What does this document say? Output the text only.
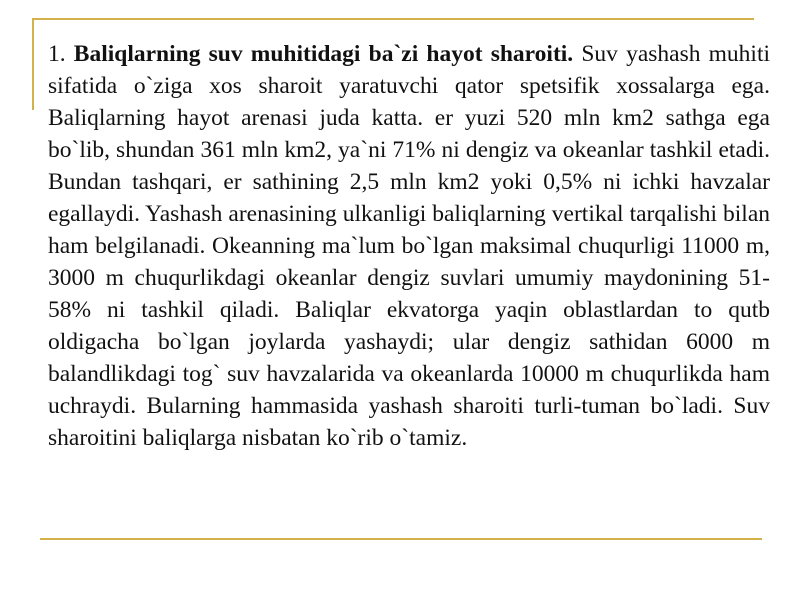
1. Baliqlarning suv muhitidagi ba`zi hayot sharoiti. Suv yashash muhiti sifatida o`ziga xos sharoit yaratuvchi qator spetsifik xossalarga ega. Baliqlarning hayot arenasi juda katta. er yuzi 520 mln km2 sathga ega bo`lib, shundan 361 mln km2, ya`ni 71% ni dengiz va okeanlar tashkil etadi. Bundan tashqari, er sathining 2,5 mln km2 yoki 0,5% ni ichki havzalar egallaydi. Yashash arenasining ulkanligi baliqlarning vertikal tarqalishi bilan ham belgilanadi. Okeanning ma`lum bo`lgan maksimal chuqurligi 11000 m, 3000 m chuqurlikdagi okeanlar dengiz suvlari umumiy maydonining 51-58% ni tashkil qiladi. Baliqlar ekvatorga yaqin oblastlardan to qutb oldigacha bo`lgan joylarda yashaydi; ular dengiz sathidan 6000 m balandlikdagi tog` suv havzalarida va okeanlarda 10000 m chuqurlikda ham uchraydi. Bularning hammasida yashash sharoiti turli-tuman bo`ladi. Suv sharoitini baliqlarga nisbatan ko`rib o`tamiz.
